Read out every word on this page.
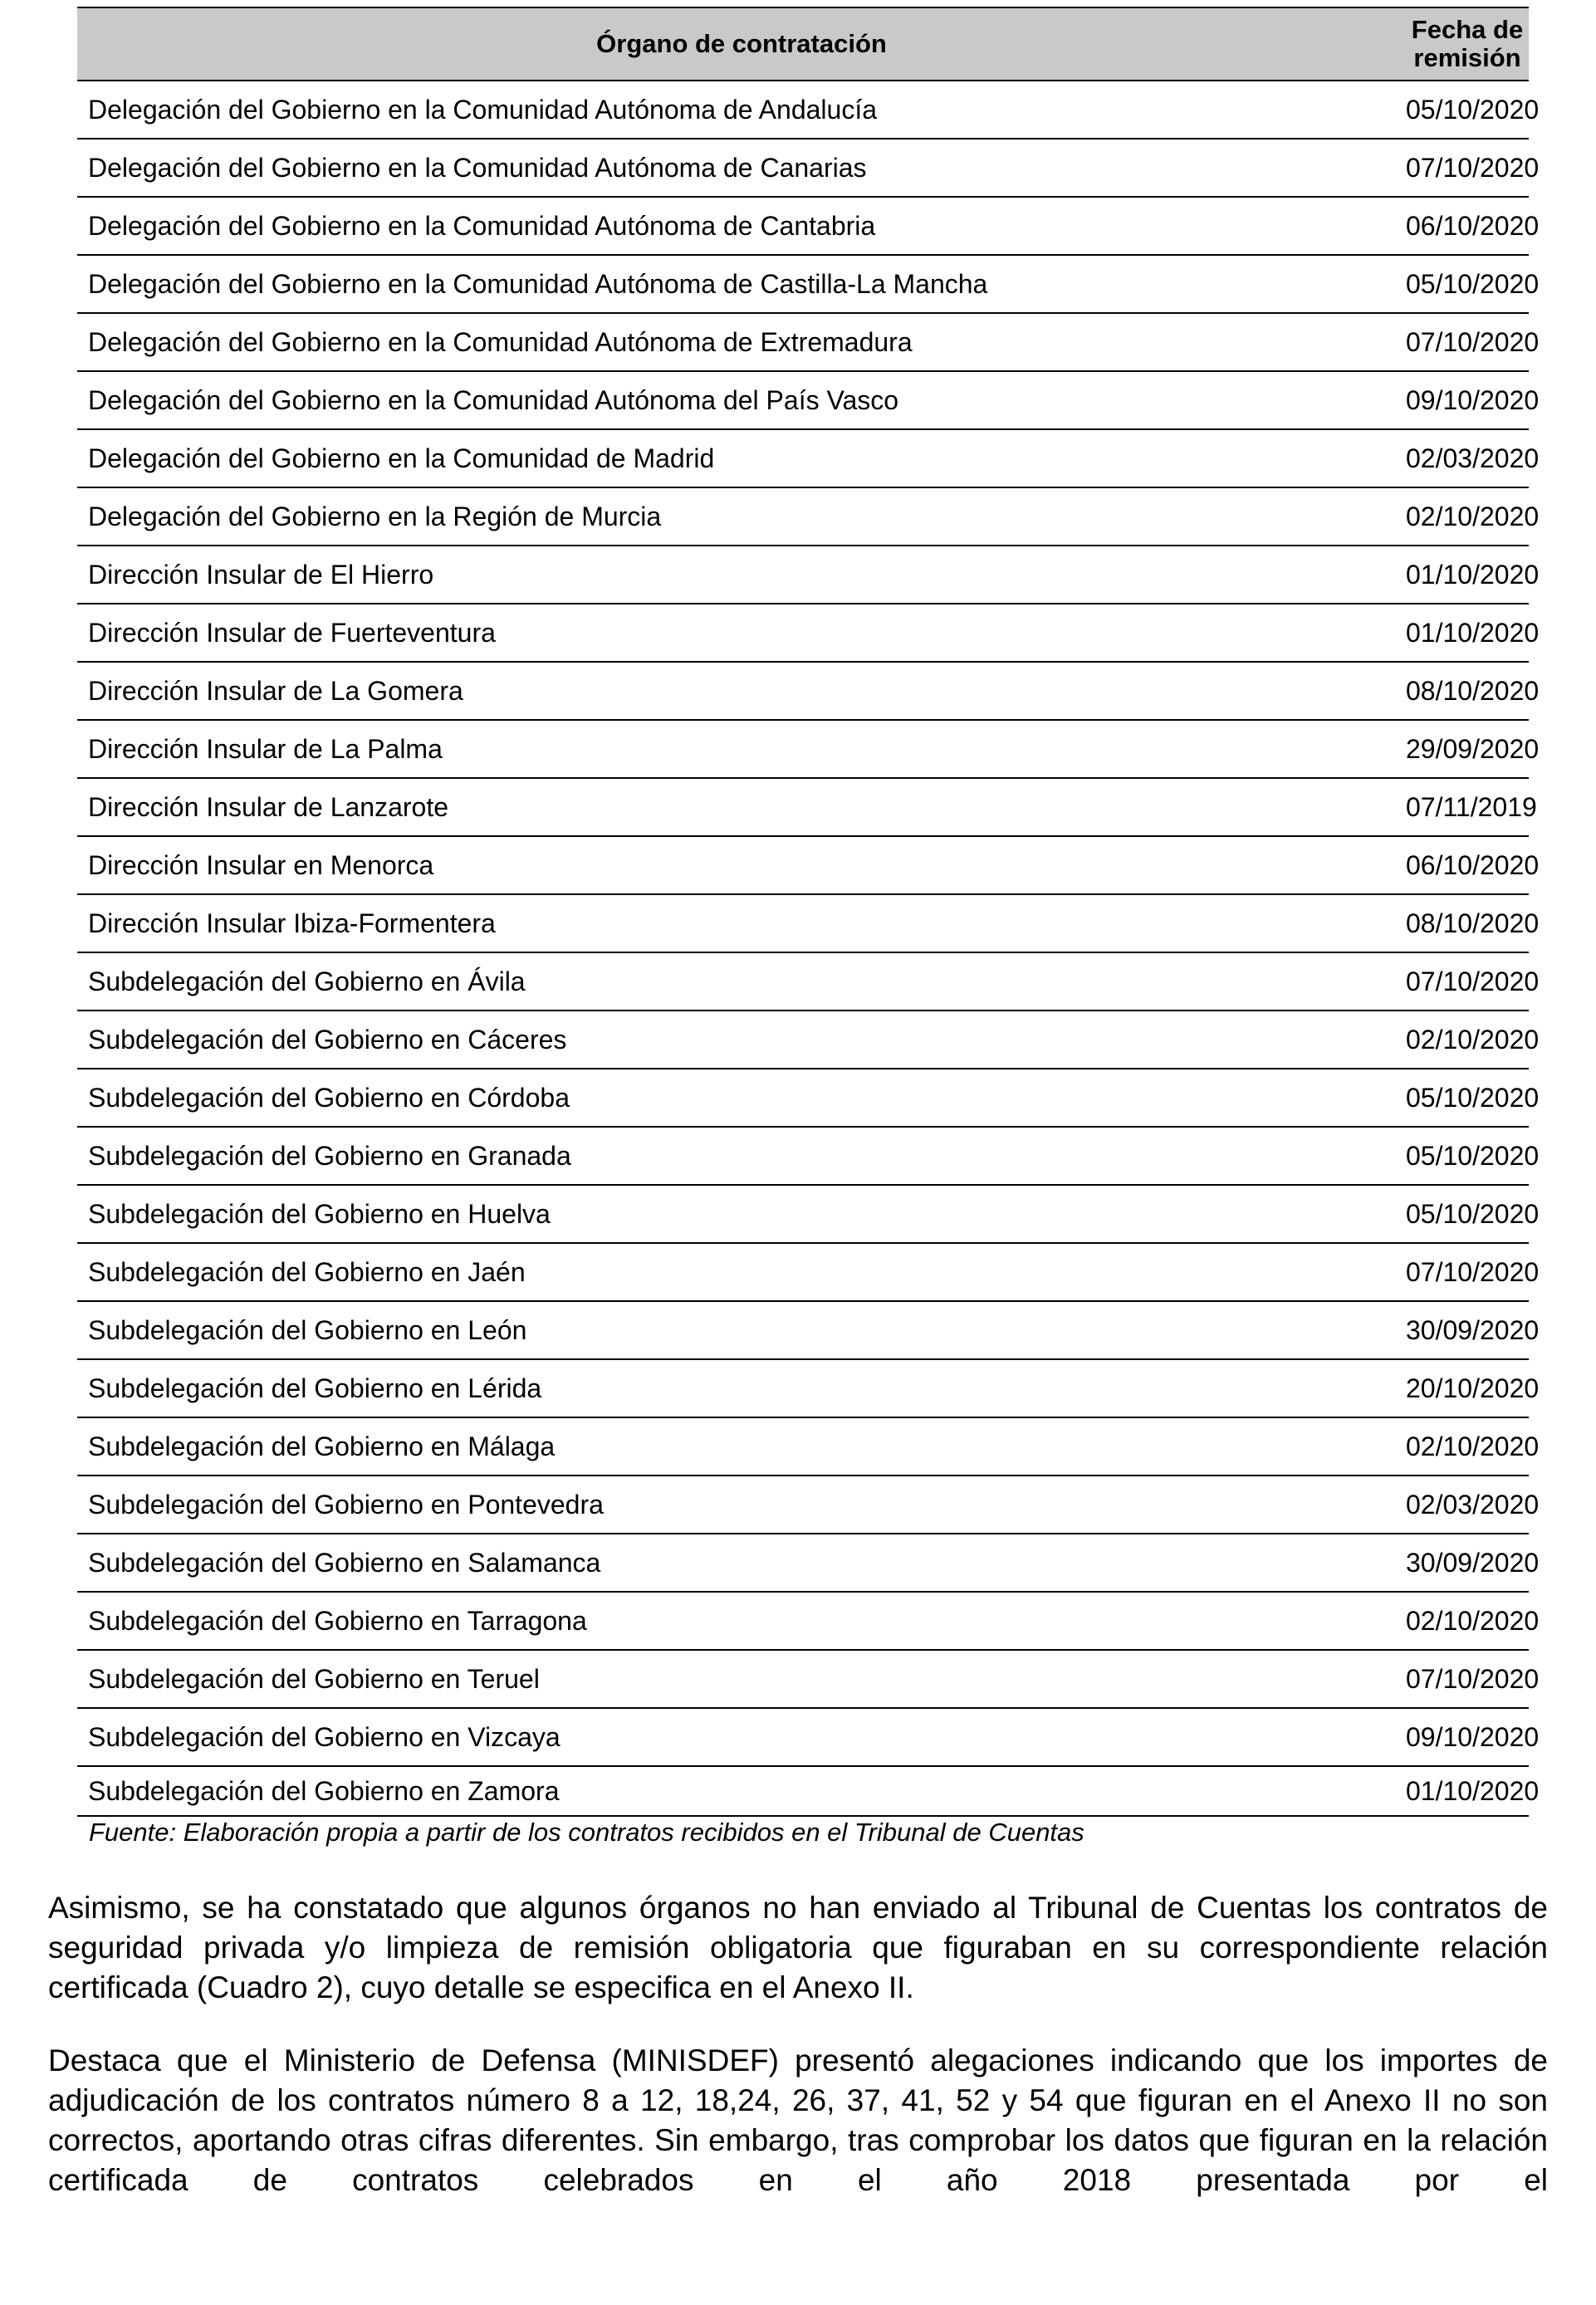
Órgano de contratación	Fecha de
remisión
Delegación del Gobierno en la Comunidad Autónoma de Andalucía	05/10/2020
Delegación del Gobierno en la Comunidad Autónoma de Canarias	07/10/2020
Delegación del Gobierno en la Comunidad Autónoma de Cantabria	06/10/2020
Delegación del Gobierno en la Comunidad Autónoma de Castilla-La Mancha	05/10/2020
Delegación del Gobierno en la Comunidad Autónoma de Extremadura	07/10/2020
Delegación del Gobierno en la Comunidad Autónoma del País Vasco	09/10/2020
Delegación del Gobierno en la Comunidad de Madrid	02/03/2020
Delegación del Gobierno en la Región de Murcia	02/10/2020
Dirección Insular de El Hierro	01/10/2020
Dirección Insular de Fuerteventura	01/10/2020
Dirección Insular de La Gomera	08/10/2020
Dirección Insular de La Palma	29/09/2020
Dirección Insular de Lanzarote	07/11/2019
Dirección Insular en Menorca	06/10/2020
Dirección Insular Ibiza-Formentera	08/10/2020
Subdelegación del Gobierno en Ávila	07/10/2020
Subdelegación del Gobierno en Cáceres	02/10/2020
Subdelegación del Gobierno en Córdoba	05/10/2020
Subdelegación del Gobierno en Granada	05/10/2020
Subdelegación del Gobierno en Huelva	05/10/2020
Subdelegación del Gobierno en Jaén	07/10/2020
Subdelegación del Gobierno en León	30/09/2020
Subdelegación del Gobierno en Lérida	20/10/2020
Subdelegación del Gobierno en Málaga	02/10/2020
Subdelegación del Gobierno en Pontevedra	02/03/2020
Subdelegación del Gobierno en Salamanca	30/09/2020
Subdelegación del Gobierno en Tarragona	02/10/2020
Subdelegación del Gobierno en Teruel	07/10/2020
Subdelegación del Gobierno en Vizcaya	09/10/2020
Subdelegación del Gobierno en Zamora	01/10/2020
Fuente: Elaboración propia a partir de los contratos recibidos en el Tribunal de Cuentas

Asimismo, se ha constatado que algunos órganos no han enviado al Tribunal de Cuentas los contratos de seguridad privada y/o limpieza de remisión obligatoria que figuraban en su correspondiente relación certificada (Cuadro 2), cuyo detalle se especifica en el Anexo II.

Destaca que el Ministerio de Defensa (MINISDEF) presentó alegaciones indicando que los importes de adjudicación de los contratos número 8 a 12, 18,24, 26, 37, 41, 52 y 54 que figuran en el Anexo II no son correctos, aportando otras cifras diferentes. Sin embargo, tras comprobar los datos que figuran en la relación certificada de contratos celebrados en el año 2018 presentada por el
